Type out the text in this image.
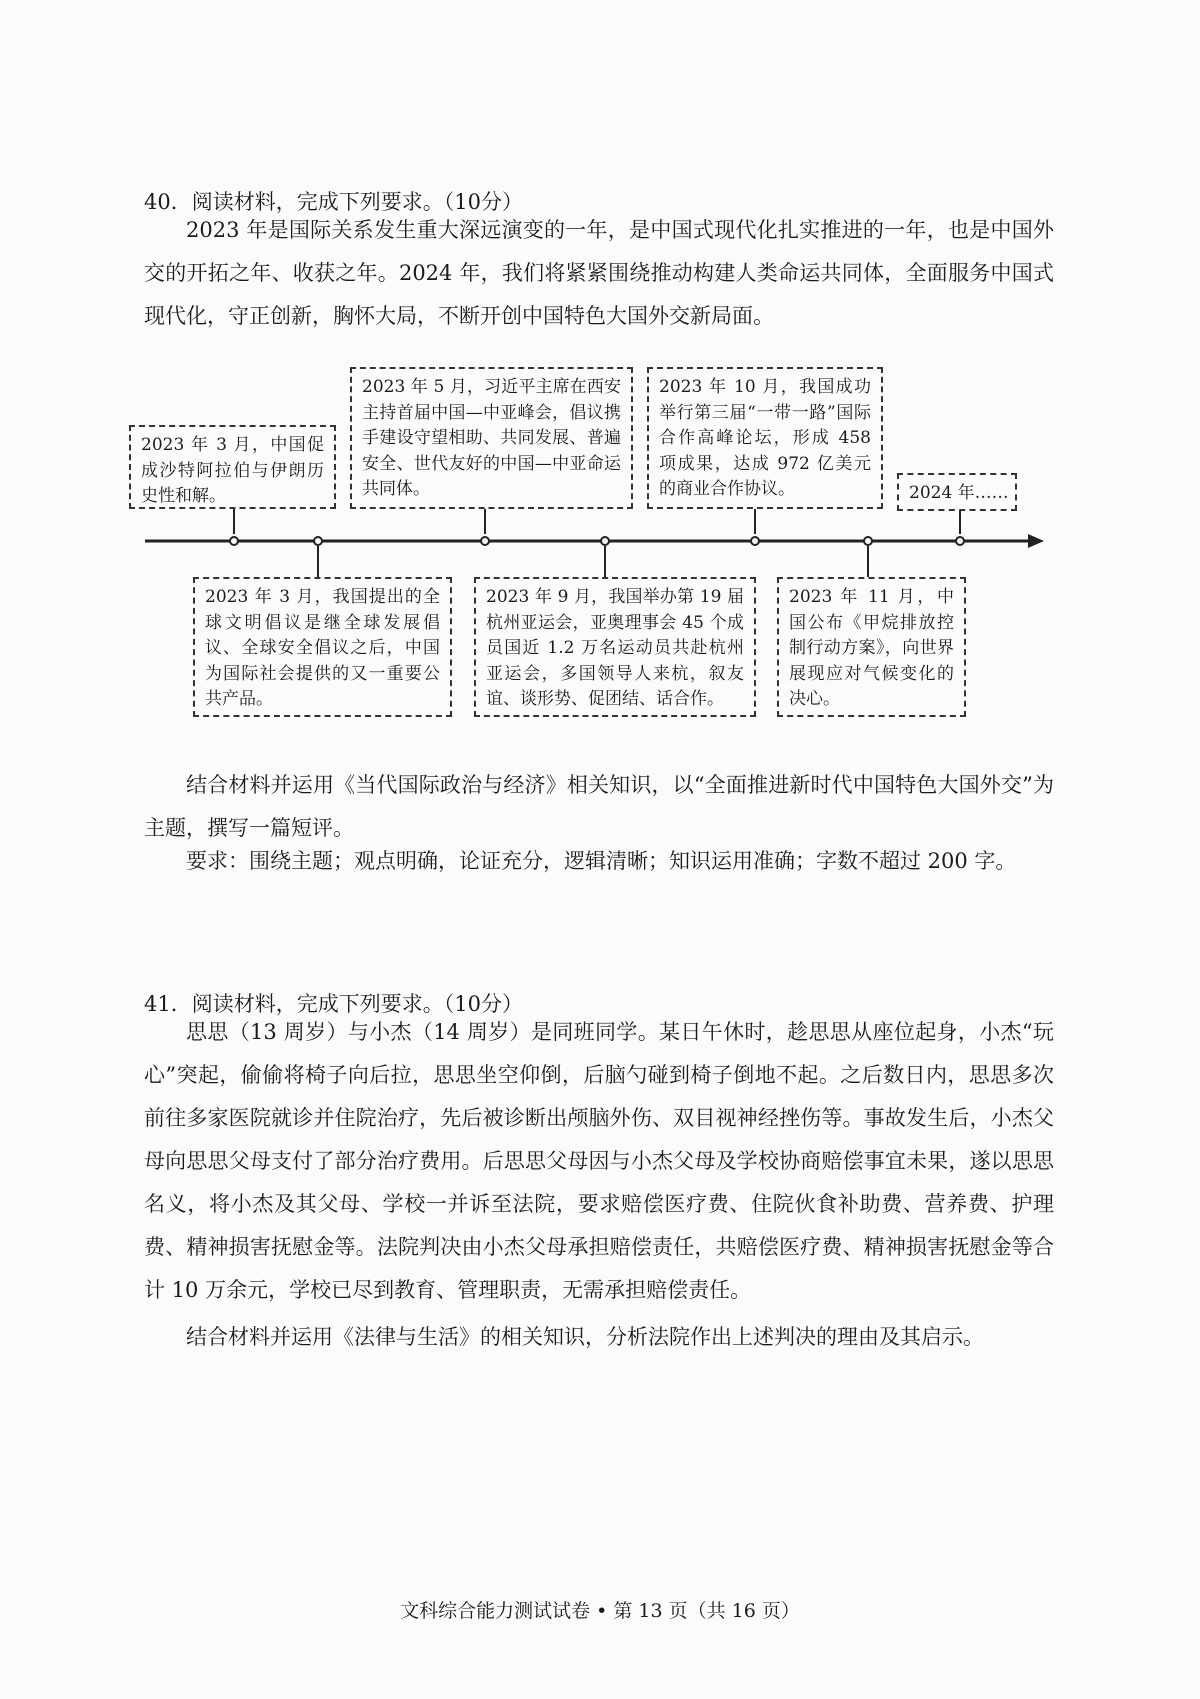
40．阅读材料，完成下列要求。（10分）

2023 年是国际关系发生重大深远演变的一年，是中国式现代化扎实推进的一年，也是中国外交的开拓之年、收获之年。2024 年，我们将紧紧围绕推动构建人类命运共同体，全面服务中国式现代化，守正创新，胸怀大局，不断开创中国特色大国外交新局面。

2023 年 3 月，中国促成沙特阿拉伯与伊朗历史性和解。
2023 年 5 月，习近平主席在西安主持首届中国—中亚峰会，倡议携手建设守望相助、共同发展、普遍安全、世代友好的中国—中亚命运共同体。
2023 年 10 月，我国成功举行第三届“一带一路”国际合作高峰论坛，形成 458 项成果，达成 972 亿美元的商业合作协议。	2024 年……
2023 年 3 月，我国提出的全球文明倡议是继全球发展倡议、全球安全倡议之后，中国为国际社会提供的又一重要公共产品。
2023 年 9 月，我国举办第 19 届杭州亚运会，亚奥理事会 45 个成员国近 1.2 万名运动员共赴杭州亚运会，多国领导人来杭，叙友谊、谈形势、促团结、话合作。
2023 年 11 月，中国公布《甲烷排放控制行动方案》，向世界展现应对气候变化的决心。

结合材料并运用《当代国际政治与经济》相关知识，以“全面推进新时代中国特色大国外交”为主题，撰写一篇短评。

要求：围绕主题；观点明确，论证充分，逻辑清晰；知识运用准确；字数不超过 200 字。

41．阅读材料，完成下列要求。（10分）

思思（13 周岁）与小杰（14 周岁）是同班同学。某日午休时，趁思思从座位起身，小杰“玩心”突起，偷偷将椅子向后拉，思思坐空仰倒，后脑勺碰到椅子倒地不起。之后数日内，思思多次前往多家医院就诊并住院治疗，先后被诊断出颅脑外伤、双目视神经挫伤等。事故发生后，小杰父母向思思父母支付了部分治疗费用。后思思父母因与小杰父母及学校协商赔偿事宜未果，遂以思思名义，将小杰及其父母、学校一并诉至法院，要求赔偿医疗费、住院伙食补助费、营养费、护理费、精神损害抚慰金等。法院判决由小杰父母承担赔偿责任，共赔偿医疗费、精神损害抚慰金等合计 10 万余元，学校已尽到教育、管理职责，无需承担赔偿责任。

结合材料并运用《法律与生活》的相关知识，分析法院作出上述判决的理由及其启示。

文科综合能力测试试卷 • 第 13 页（共 16 页）
